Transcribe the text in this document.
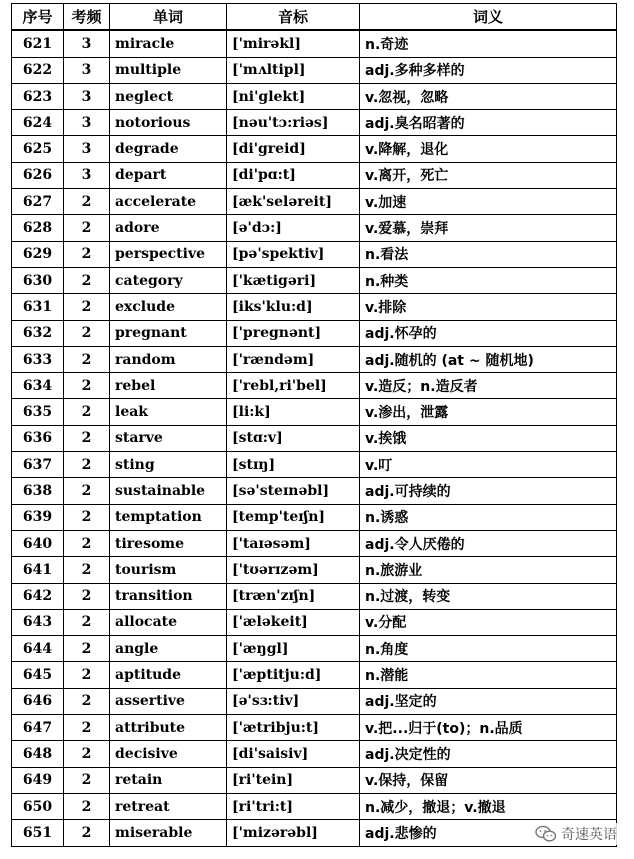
序号	考频	单词	音标	词义
621	3	miracle	['mirəkl]	n.奇迹
622	3	multiple	['mʌltipl]	adj.多种多样的
623	3	neglect	[ni'glekt]	v.忽视，忽略
624	3	notorious	[nəu'tɔ:riəs]	adj.臭名昭著的
625	3	degrade	[di'greid]	v.降解，退化
626	3	depart	[di'pɑ:t]	v.离开，死亡
627	2	accelerate	[æk'seləreit]	v.加速
628	2	adore	[ə'dɔ:]	v.爱慕，崇拜
629	2	perspective	[pə'spektiv]	n.看法
630	2	category	['kætigəri]	n.种类
631	2	exclude	[iks'klu:d]	v.排除
632	2	pregnant	['pregnənt]	adj.怀孕的
633	2	random	['rændəm]	adj.随机的 (at ~ 随机地)
634	2	rebel	['rebl,ri'bel]	v.造反；n.造反者
635	2	leak	[li:k]	v.渗出，泄露
636	2	starve	[stɑ:v]	v.挨饿
637	2	sting	[stɪŋ]	v.叮
638	2	sustainable	[sə'steɪnəbl]	adj.可持续的
639	2	temptation	[temp'teɪʃn]	n.诱惑
640	2	tiresome	['taɪəsəm]	adj.令人厌倦的
641	2	tourism	['tʊərɪzəm]	n.旅游业
642	2	transition	[træn'zɪʃn]	n.过渡，转变
643	2	allocate	['æləkeit]	v.分配
644	2	angle	['æŋgl]	n.角度
645	2	aptitude	['æptitju:d]	n.潜能
646	2	assertive	[ə'sɜ:tiv]	adj.坚定的
647	2	attribute	['ætribju:t]	v.把...归于(to)；n.品质
648	2	decisive	[di'saisiv]	adj.决定性的
649	2	retain	[ri'tein]	v.保持，保留
650	2	retreat	[ri'tri:t]	n.减少，撤退；v.撤退
651	2	miserable	['mizərəbl]	adj.悲惨的	奇速英语
